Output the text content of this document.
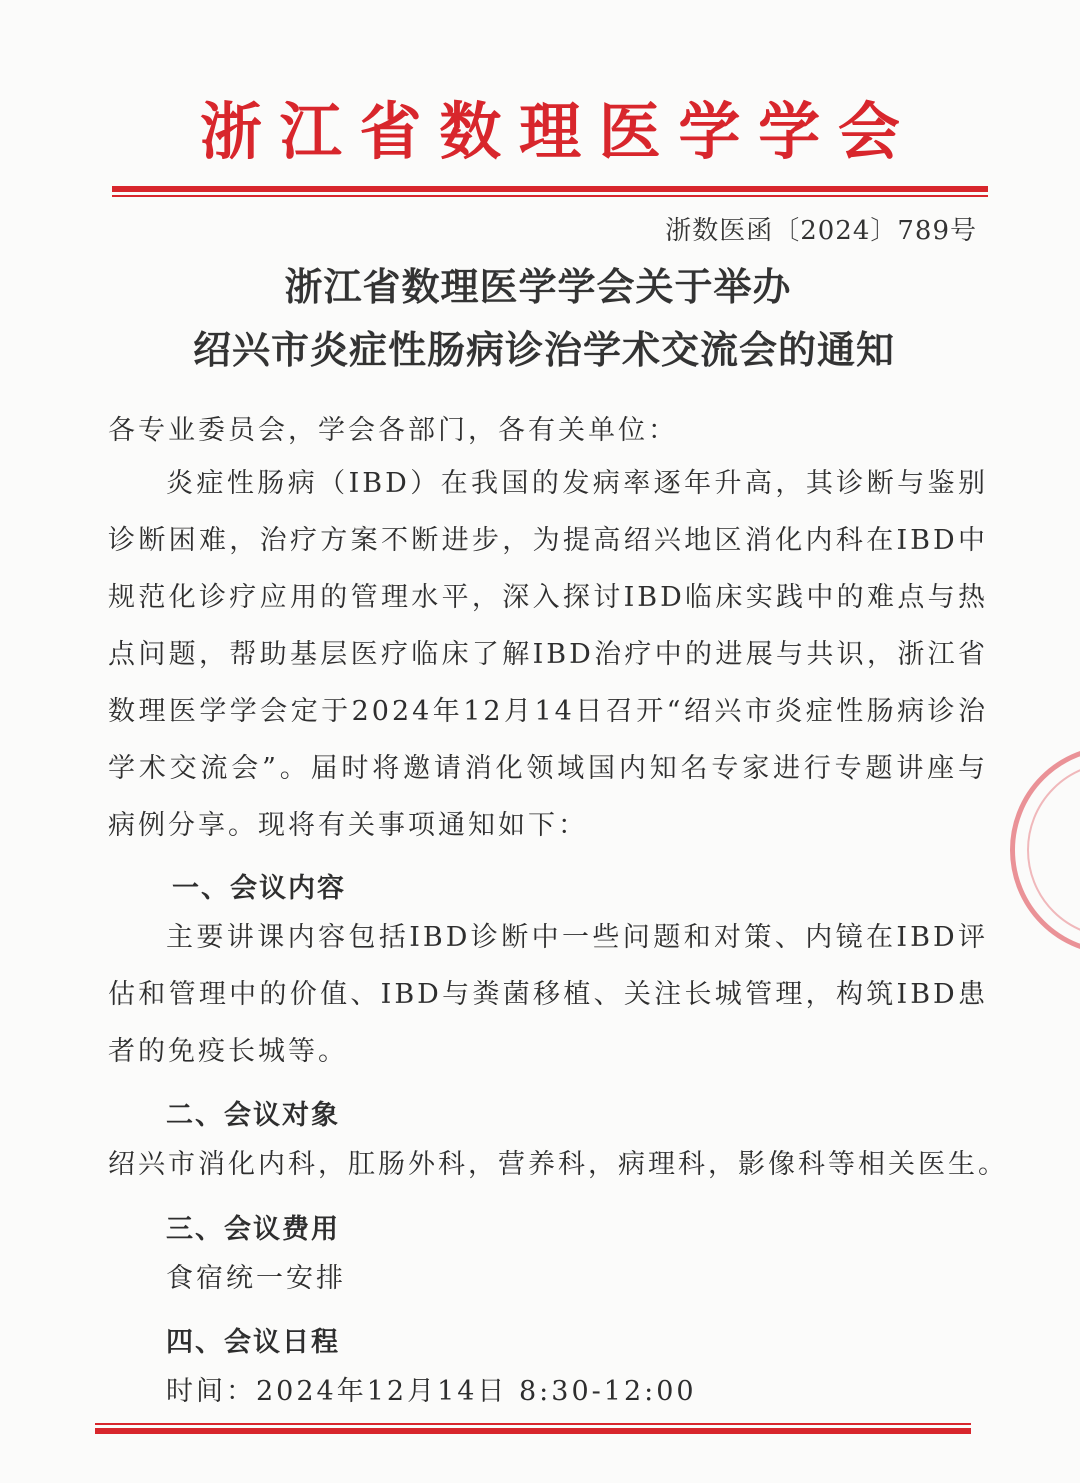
浙 江 省 数 理 医 学 学 会
浙数医函〔2024〕789号
浙江省数理医学学会关于举办
绍兴市炎症性肠病诊治学术交流会的通知
各专业委员会，学会各部门，各有关单位：
炎症性肠病（IBD）在我国的发病率逐年升高，其诊断与鉴别诊断困难，治疗方案不断进步，为提高绍兴地区消化内科在IBD中规范化诊疗应用的管理水平，深入探讨IBD临床实践中的难点与热点问题，帮助基层医疗临床了解IBD治疗中的进展与共识，浙江省数理医学学会定于2024年12月14日召开“绍兴市炎症性肠病诊治学术交流会”。届时将邀请消化领域国内知名专家进行专题讲座与病例分享。现将有关事项通知如下：
一、会议内容
主要讲课内容包括IBD诊断中一些问题和对策、内镜在IBD评估和管理中的价值、IBD与粪菌移植、关注长城管理，构筑IBD患者的免疫长城等。
二、会议对象
绍兴市消化内科，肛肠外科，营养科，病理科，影像科等相关医生。
三、会议费用
食宿统一安排
四、会议日程
时间：2024年12月14日 8:30-12:00
